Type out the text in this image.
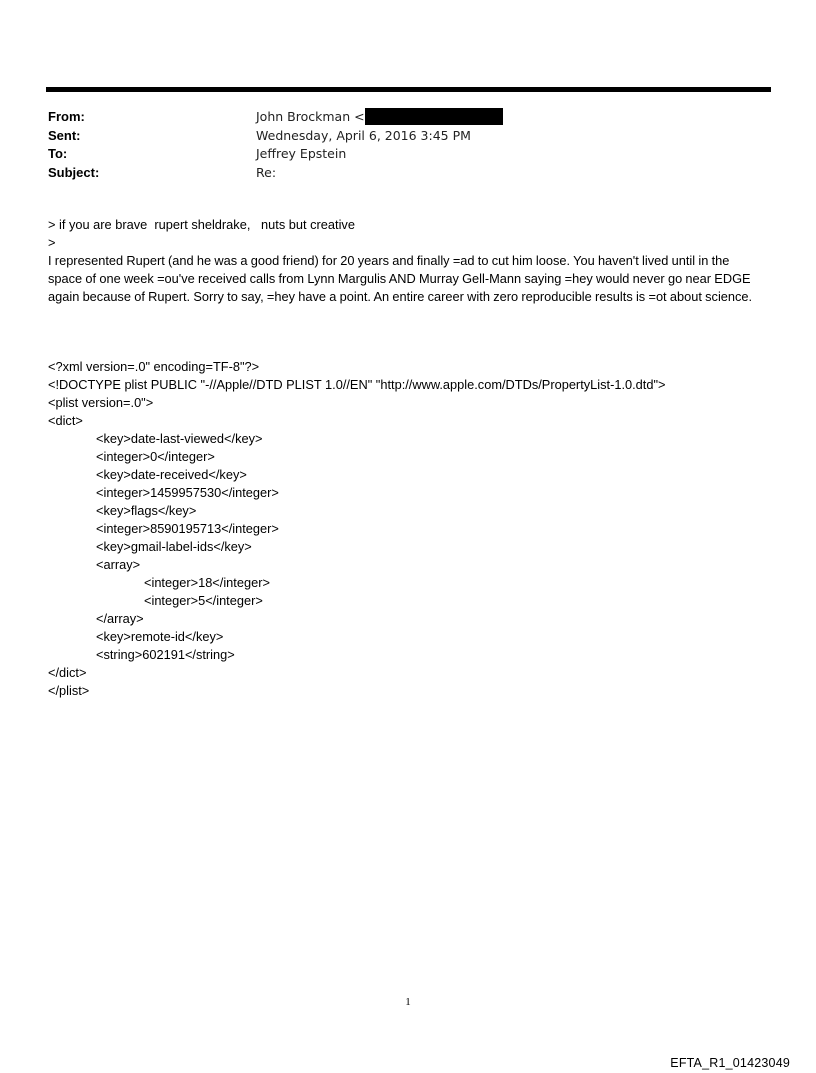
From:	John Brockman <
Sent:	Wednesday, April 6, 2016 3:45 PM
To:	Jeffrey Epstein
Subject:	Re:

> if you are brave  rupert sheldrake,   nuts but creative

>

I represented Rupert (and he was a good friend) for 20 years and finally =ad to cut him loose. You haven't lived until in the space of one week =ou've received calls from Lynn Margulis AND Murray Gell-Mann saying =hey would never go near EDGE again because of Rupert. Sorry to say, =hey have a point. An entire career with zero reproducible results is =ot about science.

<?xml version=.0" encoding=TF-8"?>
<!DOCTYPE plist PUBLIC "-//Apple//DTD PLIST 1.0//EN" "http://www.apple.com/DTDs/PropertyList-1.0.dtd">
<plist version=.0">
<dict>
<key>date-last-viewed</key>
<integer>0</integer>
<key>date-received</key>
<integer>1459957530</integer>
<key>flags</key>
<integer>8590195713</integer>
<key>gmail-label-ids</key>
<array>
<integer>18</integer>
<integer>5</integer>
</array>
<key>remote-id</key>
<string>602191</string>
</dict>
</plist>
1
EFTA_R1_01423049
